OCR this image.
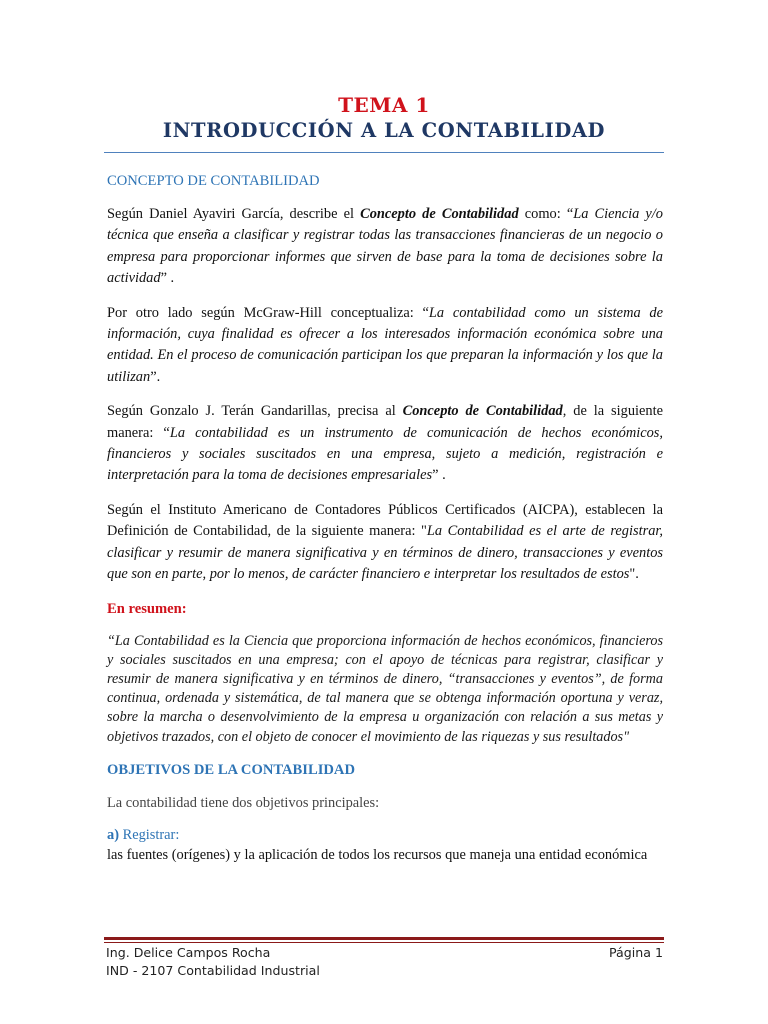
TEMA 1
INTRODUCCIÓN A LA CONTABILIDAD
CONCEPTO DE CONTABILIDAD

Según Daniel Ayaviri García, describe el Concepto de Contabilidad como: “La Ciencia y/o técnica que enseña a clasificar y registrar todas las transacciones financieras de un negocio o empresa para proporcionar informes que sirven de base para la toma de decisiones sobre la actividad” .

Por otro lado según McGraw-Hill conceptualiza: “La contabilidad como un sistema de información, cuya finalidad es ofrecer a los interesados información económica sobre una entidad. En el proceso de comunicación participan los que preparan la información y los que la utilizan”.

Según Gonzalo J. Terán Gandarillas, precisa al Concepto de Contabilidad, de la siguiente manera: “La contabilidad es un instrumento de comunicación de hechos económicos, financieros y sociales suscitados en una empresa, sujeto a medición, registración e interpretación para la toma de decisiones empresariales” .

Según el Instituto Americano de Contadores Públicos Certificados (AICPA), establecen la Definición de Contabilidad, de la siguiente manera: "La Contabilidad es el arte de registrar, clasificar y resumir de manera significativa y en términos de dinero, transacciones y eventos que son en parte, por lo menos, de carácter financiero e interpretar los resultados de estos".

En resumen:

“La Contabilidad es la Ciencia que proporciona información de hechos económicos, financieros y sociales suscitados en una empresa; con el apoyo de técnicas para registrar, clasificar y resumir de manera significativa y en términos de dinero, “transacciones y eventos”, de forma continua, ordenada y sistemática, de tal manera que se obtenga información oportuna y veraz, sobre la marcha o desenvolvimiento de la empresa u organización con relación a sus metas y objetivos trazados, con el objeto de conocer el movimiento de las riquezas y sus resultados"

OBJETIVOS DE LA CONTABILIDAD

La contabilidad tiene dos objetivos principales:

a) Registrar:

las fuentes (orígenes) y la aplicación de todos los recursos que maneja una entidad económica

Ing. Delice Campos Rocha	Página 1
IND - 2107 Contabilidad Industrial
